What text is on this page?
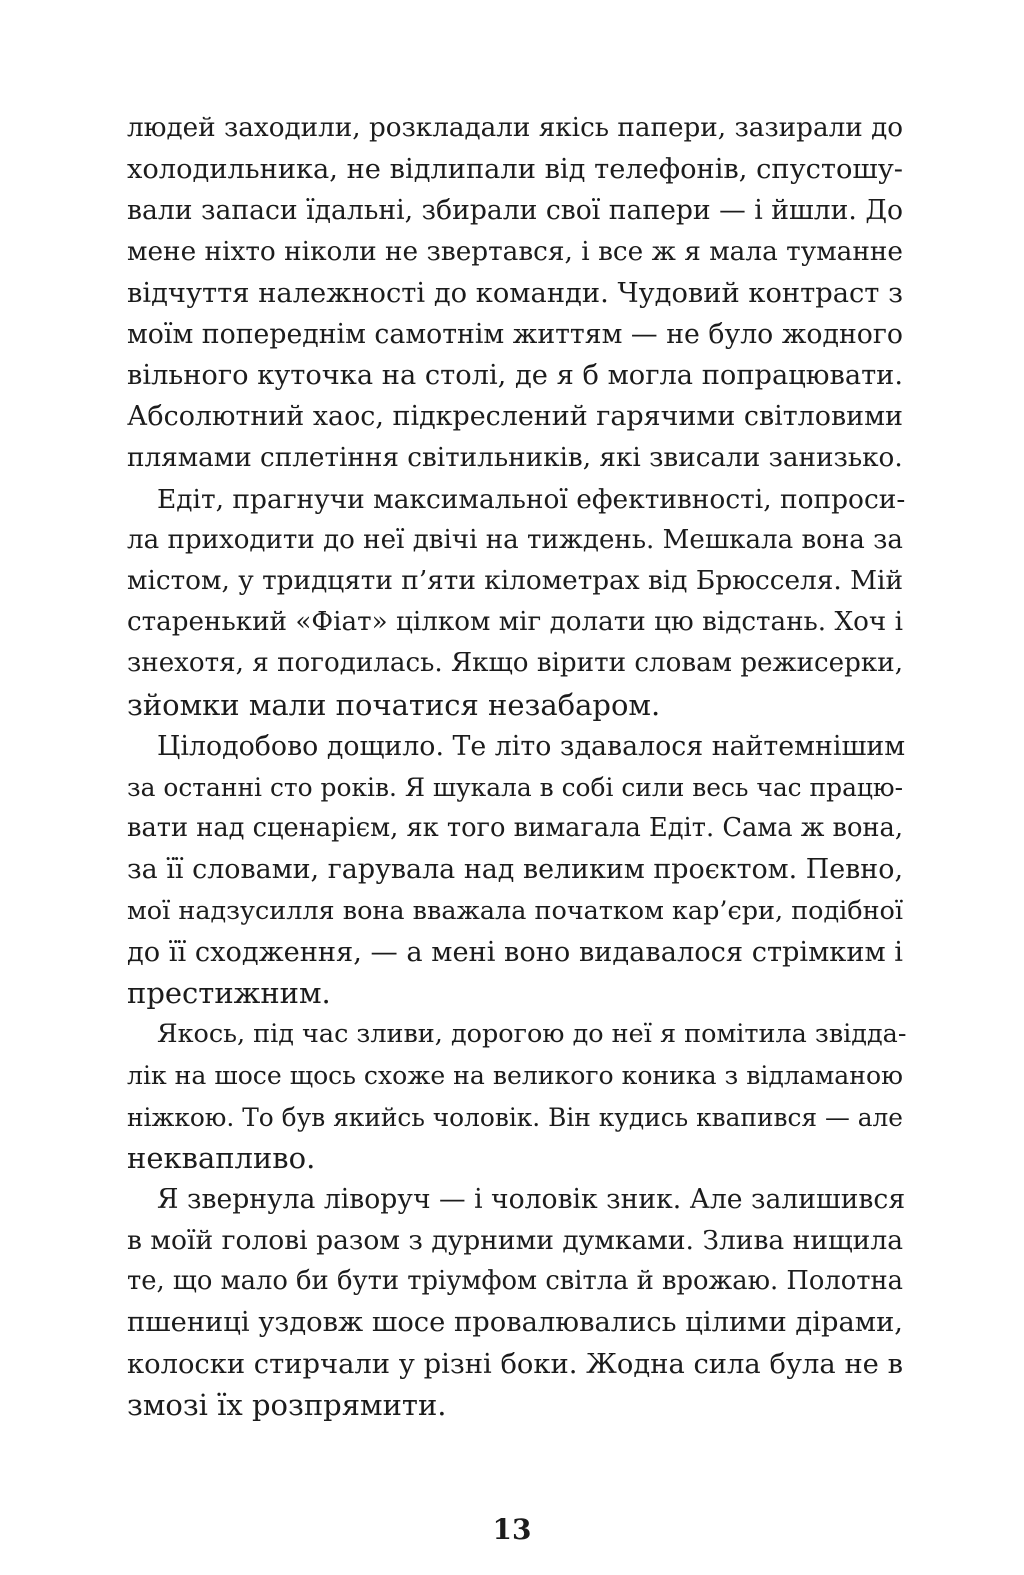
людей заходили, розкладали якісь папери, зазирали до
холодильника, не відлипали від телефонів, спустошу-
вали запаси їдальні, збирали свої папери — і йшли. До
мене ніхто ніколи не звертався, і все ж я мала туманне
відчуття належності до команди. Чудовий контраст з
моїм попереднім самотнім життям — не було жодного
вільного куточка на столі, де я б могла попрацювати.
Абсолютний хаос, підкреслений гарячими світловими
плямами сплетіння світильників, які звисали занизько.
Едіт, прагнучи максимальної ефективності, попроси-
ла приходити до неї двічі на тиждень. Мешкала вона за
містом, у тридцяти п’яти кілометрах від Брюсселя. Мій
старенький «Фіат» цілком міг долати цю відстань. Хоч і
знехотя, я погодилась. Якщо вірити словам режисерки,
зйомки мали початися незабаром.
Цілодобово дощило. Те літо здавалося найтемнішим
за останні сто років. Я шукала в собі сили весь час працю-
вати над сценарієм, як того вимагала Едіт. Сама ж вона,
за її словами, гарувала над великим проєктом. Певно,
мої надзусилля вона вважала початком кар’єри, подібної
до її сходження, — а мені воно видавалося стрімким і
престижним.
Якось, під час зливи, дорогою до неї я помітила звідда-
лік на шосе щось схоже на великого коника з відламаною
ніжкою. То був якийсь чоловік. Він кудись квапився — але
неквапливо.
Я звернула ліворуч — і чоловік зник. Але залишився
в моїй голові разом з дурними думками. Злива нищила
те, що мало би бути тріумфом світла й врожаю. Полотна
пшениці уздовж шосе провалювались цілими дірами,
колоски стирчали у різні боки. Жодна сила була не в
змозі їх розпрямити.
13
